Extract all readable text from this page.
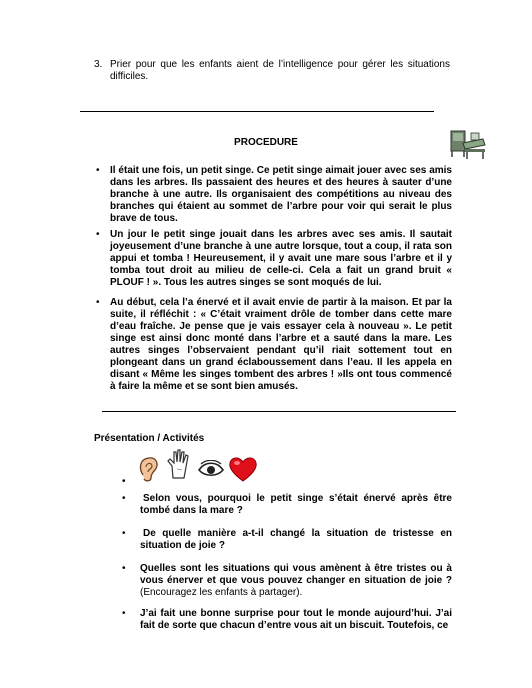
3. Prier pour que les enfants aient de l’intelligence pour gérer les situations difficiles.
PROCEDURE
• Il était une fois, un petit singe. Ce petit singe aimait jouer avec ses amis dans les arbres. Ils passaient des heures et des heures à sauter d’une branche à une autre. Ils organisaient des compétitions au niveau des branches qui étaient au sommet de l’arbre pour voir qui serait le plus brave de tous.
• Un jour le petit singe jouait dans les arbres avec ses amis. Il sautait joyeusement d’une branche à une autre lorsque, tout a coup, il rata son appui et tomba ! Heureusement, il y avait une mare sous l’arbre et il y tomba tout droit au milieu de celle-ci. Cela a fait un grand bruit « PLOUF ! ». Tous les autres singes se sont moqués de lui.
• Au début, cela l’a énervé et il avait envie de partir à la maison. Et par la suite, il réfléchit : « C’était vraiment drôle de tomber dans cette mare d’eau fraîche. Je pense que je vais essayer cela à nouveau ». Le petit singe est ainsi donc monté dans l’arbre et a sauté dans la mare. Les autres singes l’observaient pendant qu’il riait sottement tout en plongeant dans un grand éclaboussement dans l’eau. Il les appela en disant « Même les singes tombent des arbres ! »Ils ont tous commencé à faire la même et se sont bien amusés.
Présentation / Activités
•
•	Selon vous, pourquoi le petit singe s’était énervé après être tombé dans la mare ?
•	De quelle manière a-t-il changé la situation de tristesse en situation de joie ?
• Quelles sont les situations qui vous amènent à être tristes ou à vous énerver et que vous pouvez changer en situation de joie ? (Encouragez les enfants à partager).
• J’ai fait une bonne surprise pour tout le monde aujourd’hui. J’ai fait de sorte que chacun d’entre vous ait un biscuit. Toutefois, ce
